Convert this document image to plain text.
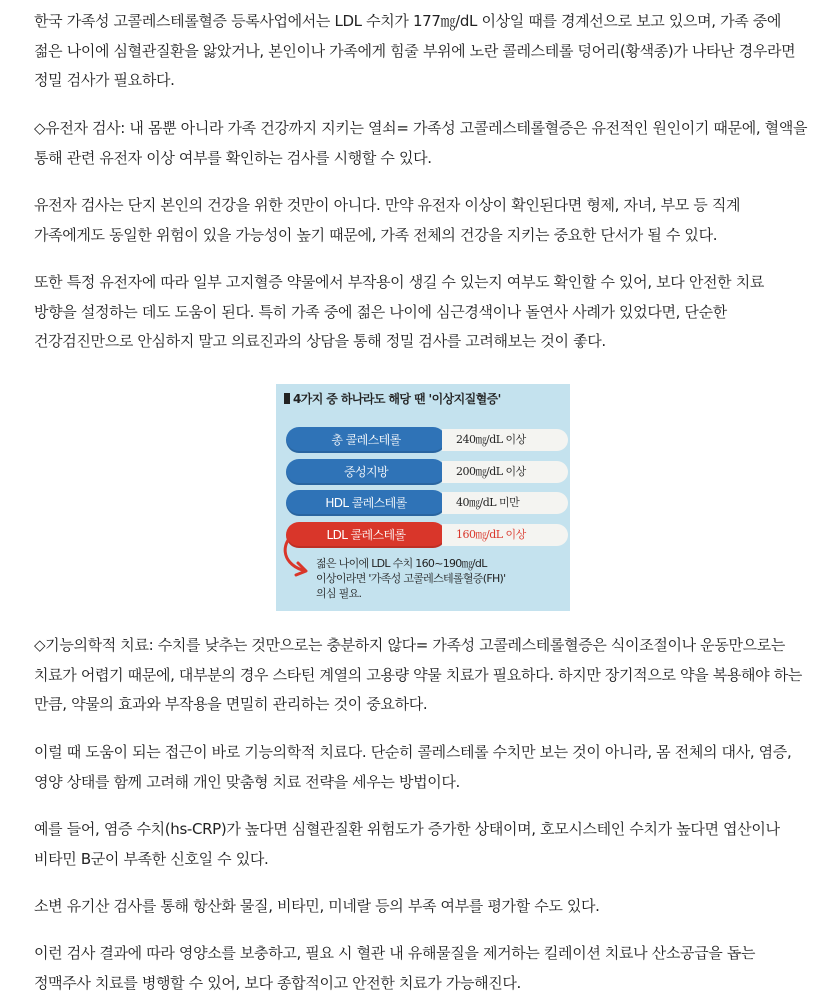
한국 가족성 고콜레스테롤혈증 등록사업에서는 LDL 수치가 177㎎/dL 이상일 때를 경계선으로 보고 있으며, 가족 중에 젊은 나이에 심혈관질환을 앓았거나, 본인이나 가족에게 힘줄 부위에 노란 콜레스테롤 덩어리(황색종)가 나타난 경우라면 정밀 검사가 필요하다.

◇유전자 검사: 내 몸뿐 아니라 가족 건강까지 지키는 열쇠= 가족성 고콜레스테롤혈증은 유전적인 원인이기 때문에, 혈액을 통해 관련 유전자 이상 여부를 확인하는 검사를 시행할 수 있다.

유전자 검사는 단지 본인의 건강을 위한 것만이 아니다. 만약 유전자 이상이 확인된다면 형제, 자녀, 부모 등 직계 가족에게도 동일한 위험이 있을 가능성이 높기 때문에, 가족 전체의 건강을 지키는 중요한 단서가 될 수 있다.

또한 특정 유전자에 따라 일부 고지혈증 약물에서 부작용이 생길 수 있는지 여부도 확인할 수 있어, 보다 안전한 치료 방향을 설정하는 데도 도움이 된다. 특히 가족 중에 젊은 나이에 심근경색이나 돌연사 사례가 있었다면, 단순한 건강검진만으로 안심하지 말고 의료진과의 상담을 통해 정밀 검사를 고려해보는 것이 좋다.

◇기능의학적 치료: 수치를 낮추는 것만으로는 충분하지 않다= 가족성 고콜레스테롤혈증은 식이조절이나 운동만으로는 치료가 어렵기 때문에, 대부분의 경우 스타틴 계열의 고용량 약물 치료가 필요하다. 하지만 장기적으로 약을 복용해야 하는 만큼, 약물의 효과와 부작용을 면밀히 관리하는 것이 중요하다.

이럴 때 도움이 되는 접근이 바로 기능의학적 치료다. 단순히 콜레스테롤 수치만 보는 것이 아니라, 몸 전체의 대사, 염증, 영양 상태를 함께 고려해 개인 맞춤형 치료 전략을 세우는 방법이다.

예를 들어, 염증 수치(hs-CRP)가 높다면 심혈관질환 위험도가 증가한 상태이며, 호모시스테인 수치가 높다면 엽산이나 비타민 B군이 부족한 신호일 수 있다.

소변 유기산 검사를 통해 항산화 물질, 비타민, 미네랄 등의 부족 여부를 평가할 수도 있다.

이런 검사 결과에 따라 영양소를 보충하고, 필요 시 혈관 내 유해물질을 제거하는 킬레이션 치료나 산소공급을 돕는 정맥주사 치료를 병행할 수 있어, 보다 종합적이고 안전한 치료가 가능해진다.

4가지 중 하나라도 해당 땐 '이상지질혈증'
총 콜레스테롤	240㎎/dL 이상
중성지방	200㎎/dL 이상
HDL 콜레스테롤	40㎎/dL 미만
LDL 콜레스테롤	160㎎/dL 이상
젊은 나이에 LDL 수치 160~190㎎/dL
이상이라면 '가족성 고콜레스테롤혈증(FH)'
의심 필요.
